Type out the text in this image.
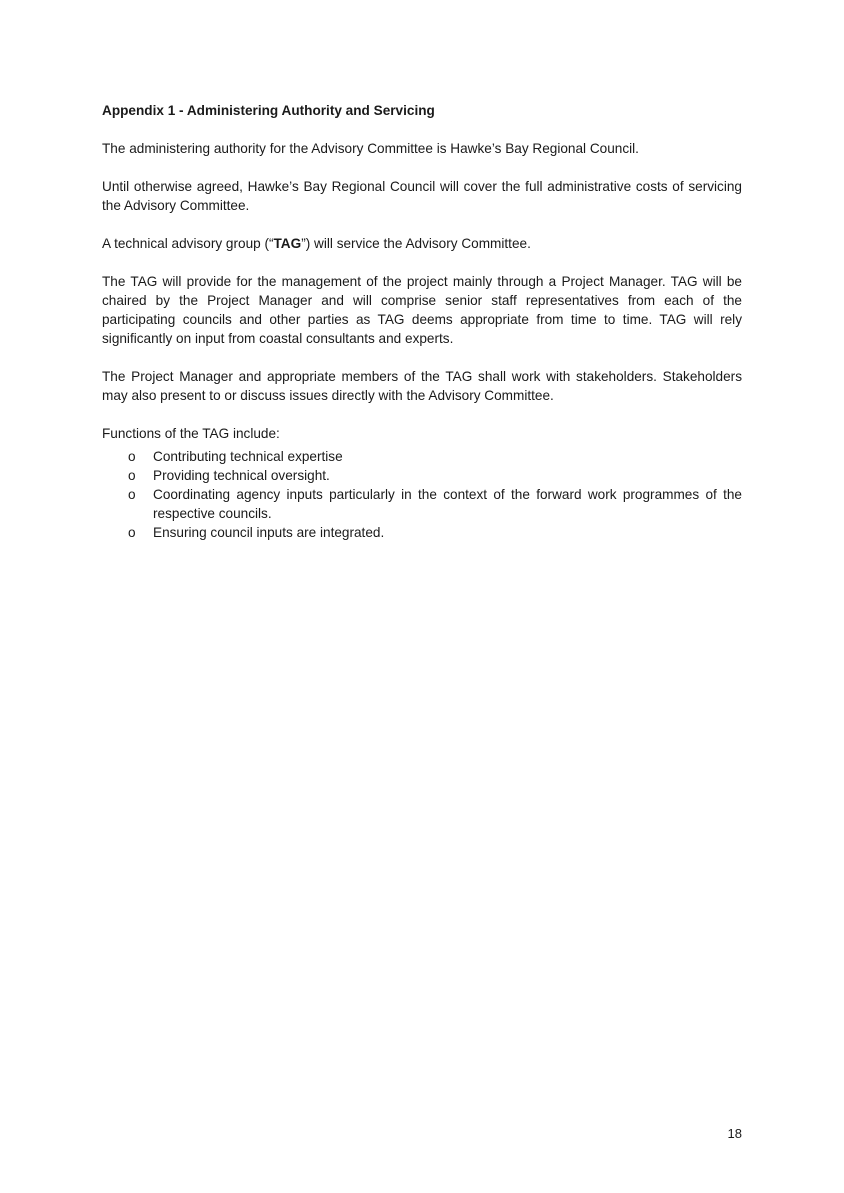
Appendix 1 - Administering Authority and Servicing

The administering authority for the Advisory Committee is Hawke’s Bay Regional Council.

Until otherwise agreed, Hawke’s Bay Regional Council will cover the full administrative costs of servicing the Advisory Committee.

A technical advisory group (“TAG”) will service the Advisory Committee.

The TAG will provide for the management of the project mainly through a Project Manager. TAG will be chaired by the Project Manager and will comprise senior staff representatives from each of the participating councils and other parties as TAG deems appropriate from time to time. TAG will rely significantly on input from coastal consultants and experts.

The Project Manager and appropriate members of the TAG shall work with stakeholders. Stakeholders may also present to or discuss issues directly with the Advisory Committee.

Functions of the TAG include:

o Contributing technical expertise
o Providing technical oversight.
o Coordinating agency inputs particularly in the context of the forward work programmes of the respective councils.
o Ensuring council inputs are integrated.
18
